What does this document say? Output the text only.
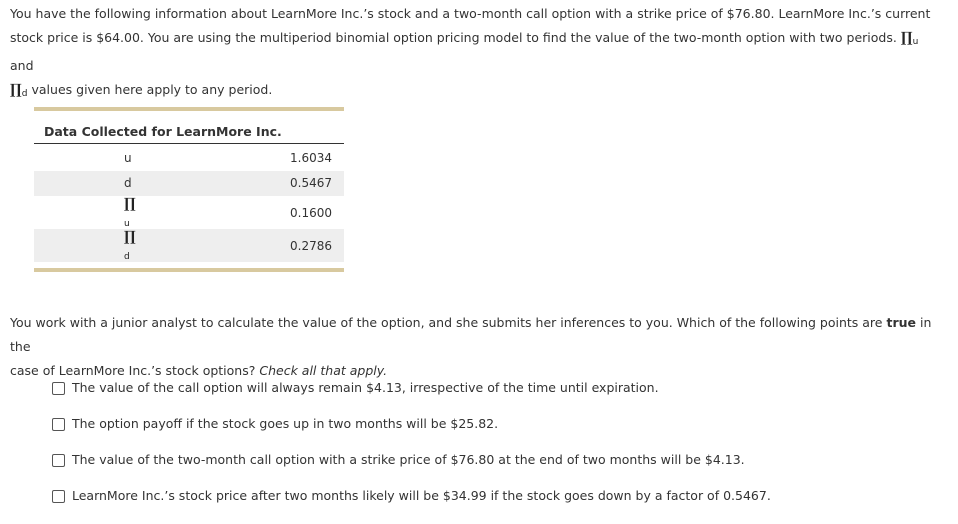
You have the following information about LearnMore Inc.’s stock and a two-month call option with a strike price of $76.80. LearnMore Inc.’s current
stock price is $64.00. You are using the multiperiod binomial option pricing model to find the value of the two-month option with two periods. $\prod_u$ and
$\prod_d$ values given here apply to any period.
Data Collected for LearnMore Inc.
u	1.6034
d	0.5467
$\prod_u$	0.1600
$\prod_d$	0.2786
You work with a junior analyst to calculate the value of the option, and she submits her inferences to you. Which of the following points are true in the
case of LearnMore Inc.’s stock options? Check all that apply.
The value of the call option will always remain $4.13, irrespective of the time until expiration.
The option payoff if the stock goes up in two months will be $25.82.
The value of the two-month call option with a strike price of $76.80 at the end of two months will be $4.13.
LearnMore Inc.’s stock price after two months likely will be $34.99 if the stock goes down by a factor of 0.5467.
